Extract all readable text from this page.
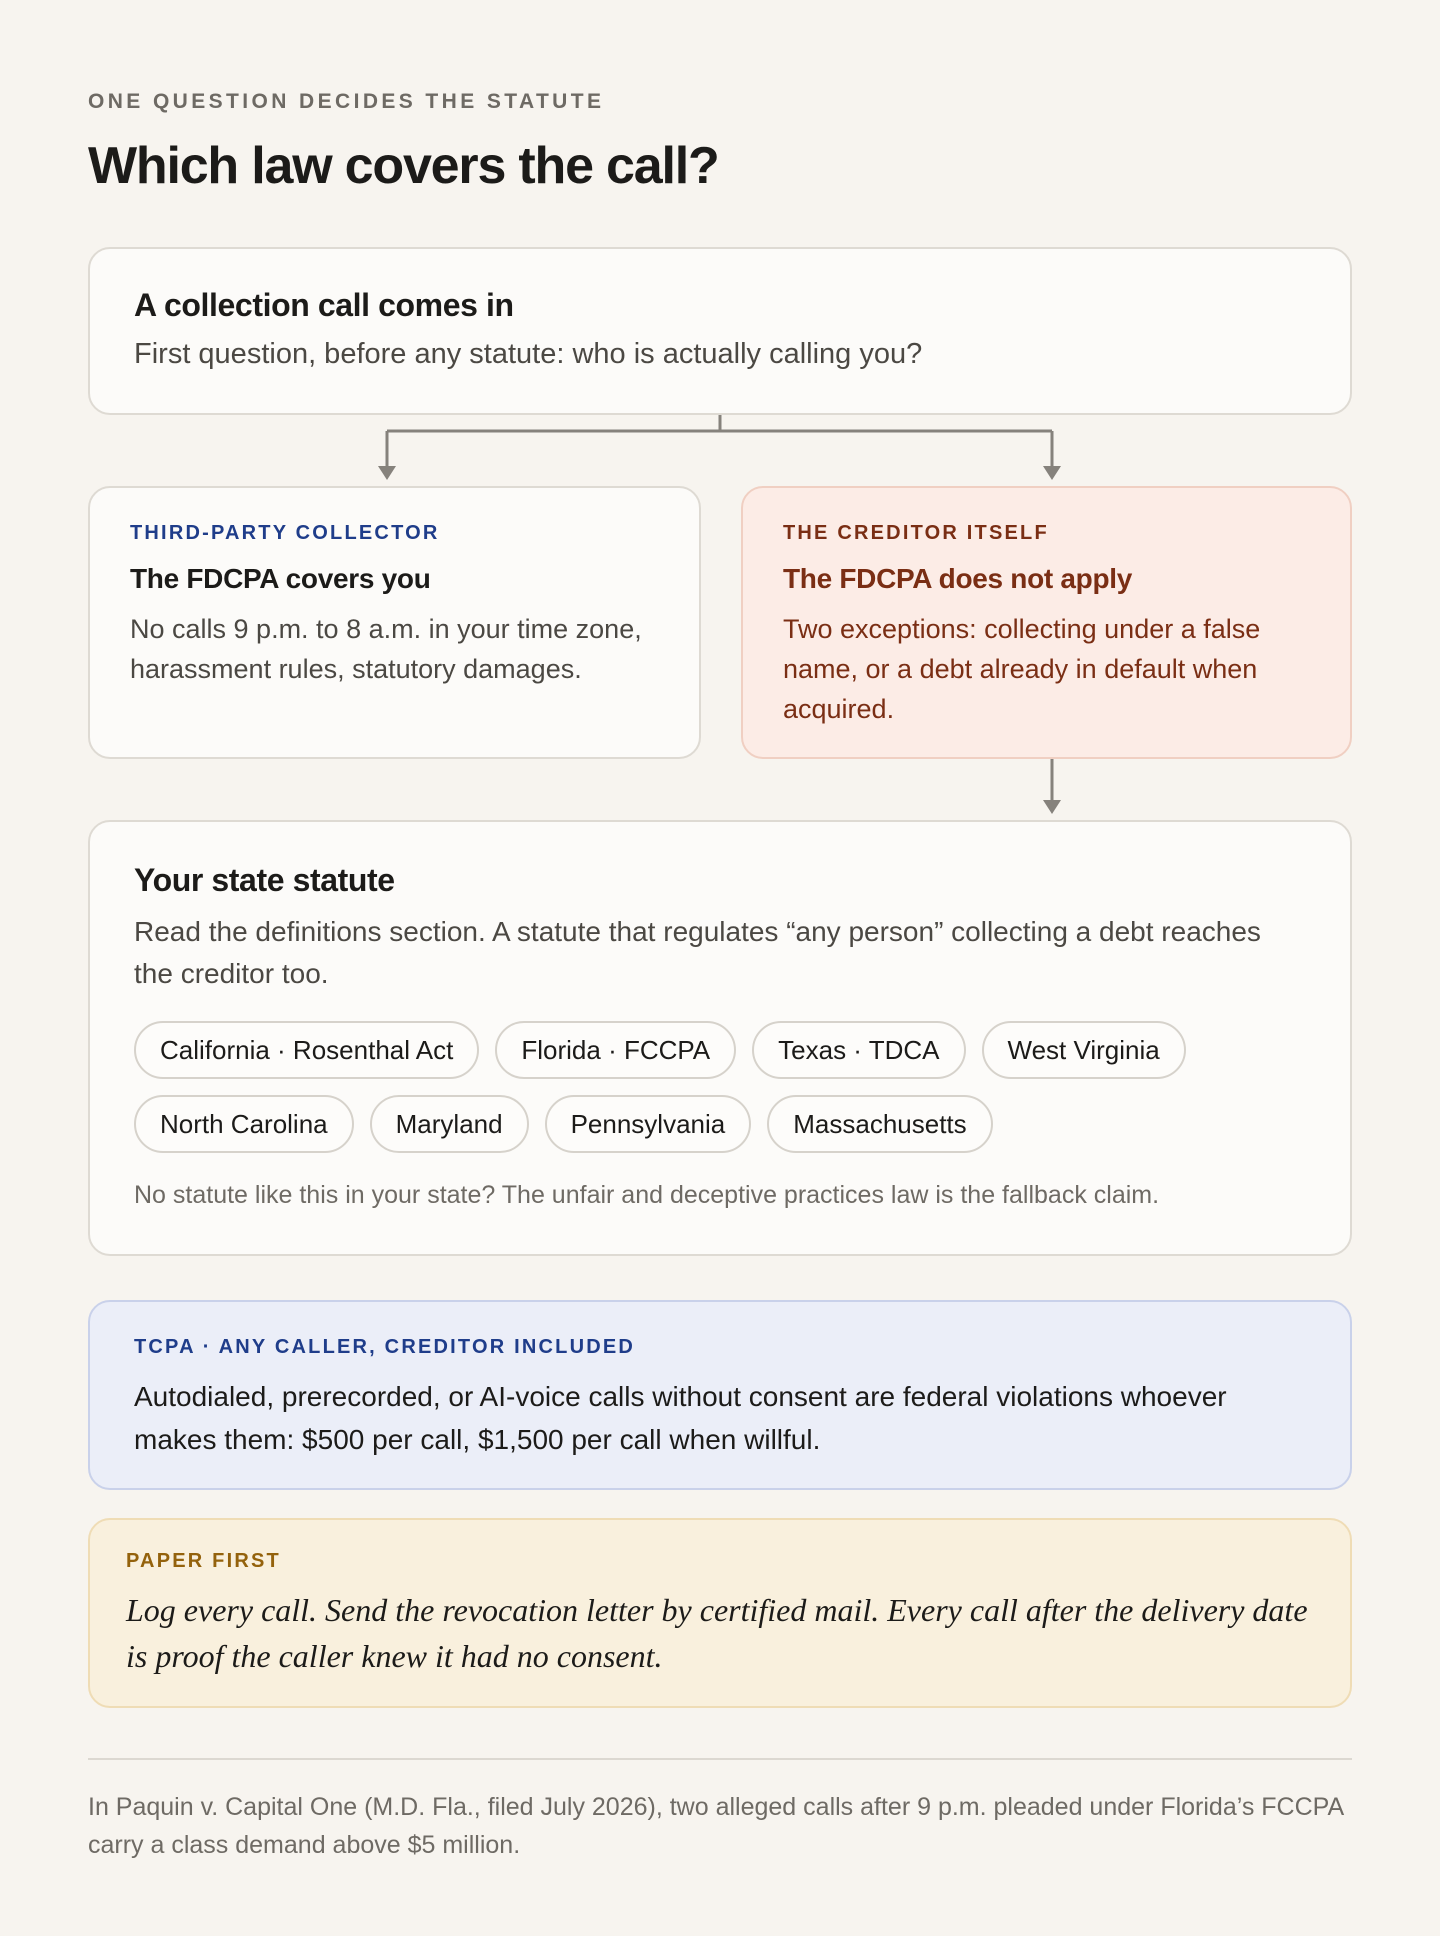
ONE QUESTION DECIDES THE STATUTE
Which law covers the call?
A collection call comes in
First question, before any statute: who is actually calling you?
THIRD-PARTY COLLECTOR
The FDCPA covers you
No calls 9 p.m. to 8 a.m. in your time zone, harassment rules, statutory damages.
THE CREDITOR ITSELF
The FDCPA does not apply
Two exceptions: collecting under a false name, or a debt already in default when acquired.
Your state statute
Read the definitions section. A statute that regulates “any person” collecting a debt reaches the creditor too.
California · Rosenthal Act	Florida · FCCPA	Texas · TDCA	West Virginia
North Carolina	Maryland	Pennsylvania	Massachusetts
No statute like this in your state? The unfair and deceptive practices law is the fallback claim.
TCPA · ANY CALLER, CREDITOR INCLUDED
Autodialed, prerecorded, or AI-voice calls without consent are federal violations whoever makes them: $500 per call, $1,500 per call when willful.
PAPER FIRST
Log every call. Send the revocation letter by certified mail. Every call after the delivery date is proof the caller knew it had no consent.
In Paquin v. Capital One (M.D. Fla., filed July 2026), two alleged calls after 9 p.m. pleaded under Florida’s FCCPA carry a class demand above $5 million.
